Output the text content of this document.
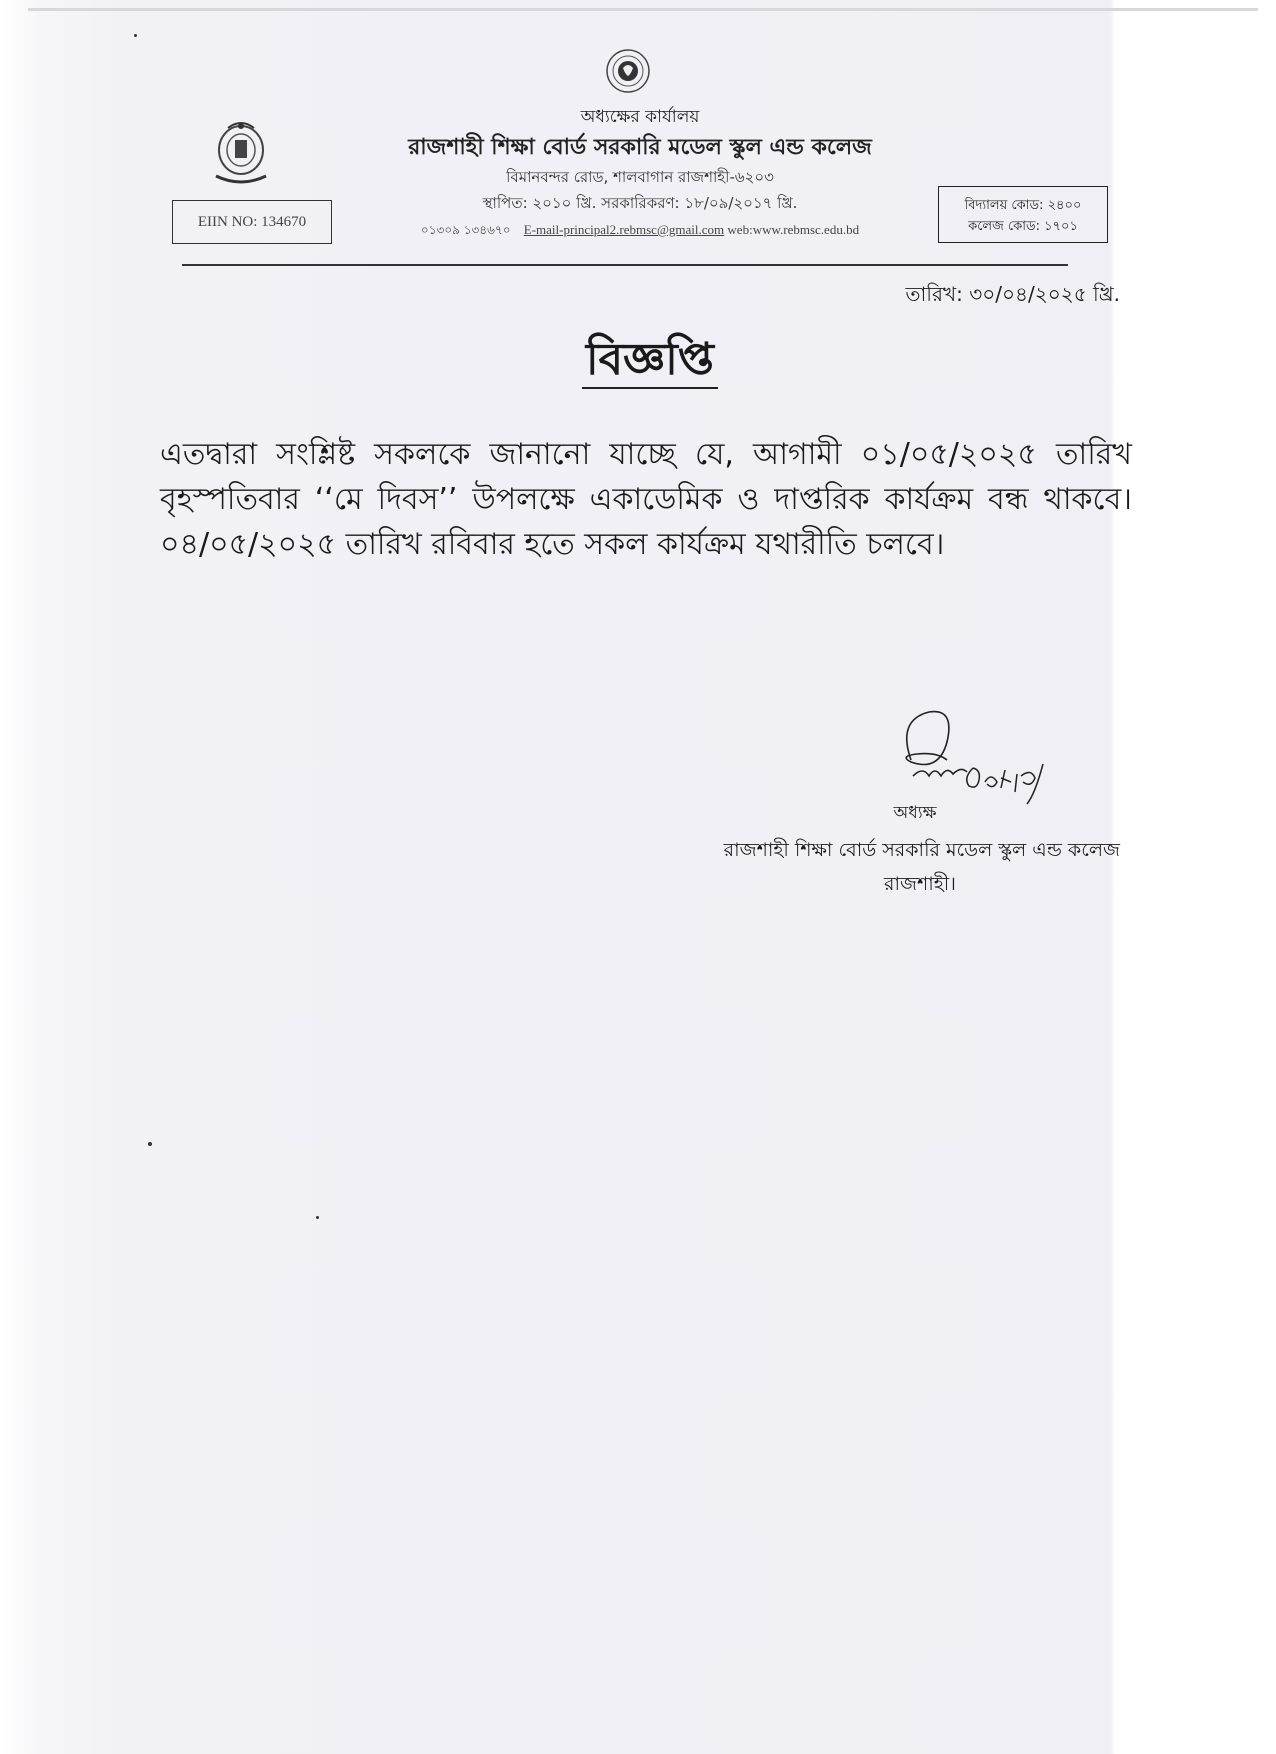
অধ্যক্ষের কার্যালয়
রাজশাহী শিক্ষা বোর্ড সরকারি মডেল স্কুল এন্ড কলেজ
বিমানবন্দর রোড, শালবাগান রাজশাহী-৬২০৩
স্থাপিত: ২০১০ খ্রি. সরকারিকরণ: ১৮/০৯/২০১৭ খ্রি.
০১৩০৯ ১৩৪৬৭০ E-mail-principal2.rebmsc@gmail.com web:www.rebmsc.edu.bd
EIIN NO: 134670
বিদ্যালয় কোড: ২৪০০
কলেজ কোড: ১৭০১
তারিখ: ৩০/০৪/২০২৫ খ্রি.
বিজ্ঞপ্তি
এতদ্বারা সংশ্লিষ্ট সকলকে জানানো যাচ্ছে যে, আগামী ০১/০৫/২০২৫ তারিখ বৃহস্পতিবার ‘‘মে দিবস’’ উপলক্ষে একাডেমিক ও দাপ্তরিক কার্যক্রম বন্ধ থাকবে। ০৪/০৫/২০২৫ তারিখ রবিবার হতে সকল কার্যক্রম যথারীতি চলবে।
অধ্যক্ষ
রাজশাহী শিক্ষা বোর্ড সরকারি মডেল স্কুল এন্ড কলেজ
রাজশাহী।
